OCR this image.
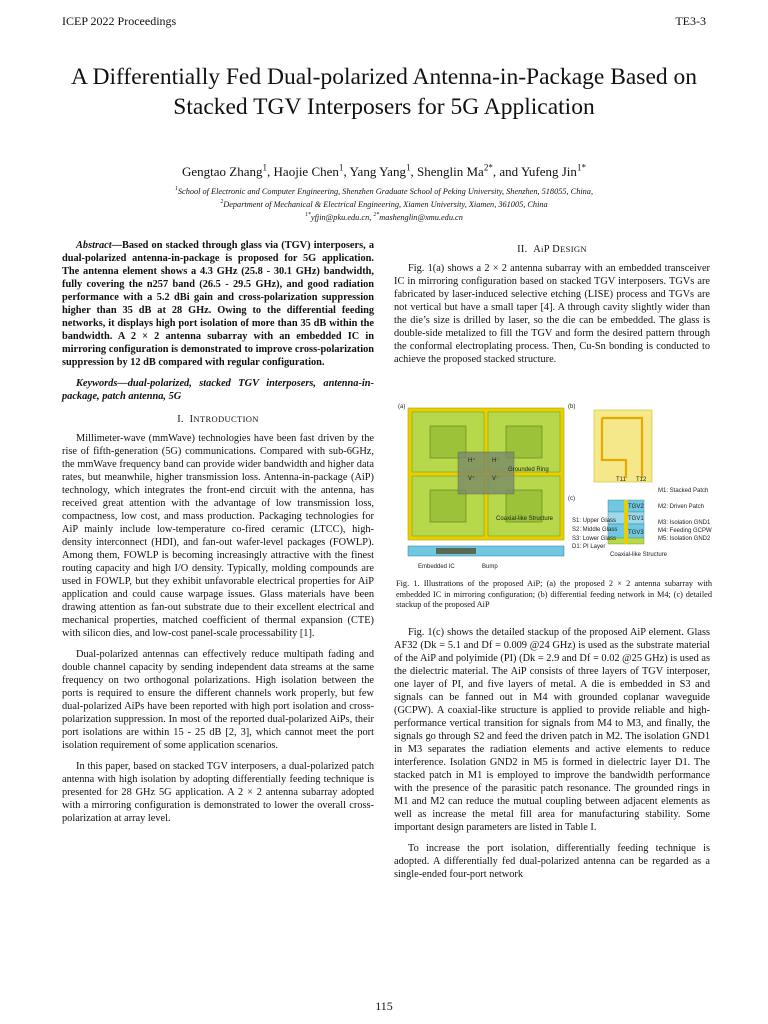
ICEP 2022 Proceedings	TE3-3
A Differentially Fed Dual-polarized Antenna-in-Package Based on Stacked TGV Interposers for 5G Application
Gengtao Zhang$^1$, Haojie Chen$^1$, Yang Yang$^1$, Shenglin $Ma^{2*}$, and Yufeng Jin$^{1*}$
$^1$School of Electronic and Computer Engineering, Shenzhen Graduate School of Peking University, Shenzhen, 518055, China,
$^2$Department of Mechanical & Electrical Engineering, Xiamen University, Xiamen, 361005, China
$^{1*}$yfjin@pku.edu.cn, $^{2*}$mashenglin@xmu.edu.cn

Abstract—Based on stacked through glass via (TGV) interposers, a dual-polarized antenna-in-package is proposed for 5G application. The antenna element shows a 4.3 GHz (25.8 - 30.1 GHz) bandwidth, fully covering the n257 band (26.5 - 29.5 GHz), and good radiation performance with a 5.2 dBi gain and cross-polarization suppression higher than 35 dB at 28 GHz. Owing to the differential feeding networks, it displays high port isolation of more than 35 dB within the bandwidth. A 2 × 2 antenna subarray with an embedded IC in mirroring configuration is demonstrated to improve cross-polarization suppression by 12 dB compared with regular configuration.

Keywords—dual-polarized, stacked TGV interposers, antenna-in-package, patch antenna, 5G

I. INTRODUCTION

Millimeter-wave (mmWave) technologies have been fast driven by the rise of fifth-generation (5G) communications. Compared with sub-6GHz, the mmWave frequency band can provide wider bandwidth and higher data rates, but meanwhile, higher transmission loss. Antenna-in-package (AiP) technology, which integrates the front-end circuit with the antenna, has received great attention with the advantage of low transmission loss, compactness, low cost, and mass production. Packaging technologies for AiP mainly include low-temperature co-fired ceramic (LTCC), high-density interconnect (HDI), and fan-out wafer-level packages (FOWLP). Among them, FOWLP is becoming increasingly attractive with the finest routing capacity and high I/O density. Typically, molding compounds are used in FOWLP, but they exhibit unfavorable electrical properties for AiP application and could cause warpage issues. Glass materials have been drawing attention as fan-out substrate due to their excellent electrical and mechanical properties, matched coefficient of thermal expansion (CTE) with silicon dies, and low-cost panel-scale processability [1].

Dual-polarized antennas can effectively reduce multipath fading and double channel capacity by sending independent data streams at the same frequency on two orthogonal polarizations. High isolation between the ports is required to ensure the different channels work properly, but few dual-polarized AiPs have been reported with high port isolation and cross-polarization suppression. In most of the reported dual-polarized AiPs, their port isolations are within 15 - 25 dB [2, 3], which cannot meet the port isolation requirement of some application scenarios.

In this paper, based on stacked TGV interposers, a dual-polarized patch antenna with high isolation by adopting differentially feeding technique is presented for 28 GHz 5G application. A 2 × 2 antenna subarray adopted with a mirroring configuration is demonstrated to lower the overall cross-polarization at array level.

II. AiP DESIGN

Fig. 1(a) shows a 2 × 2 antenna subarray with an embedded transceiver IC in mirroring configuration based on stacked TGV interposers. TGVs are fabricated by laser-induced selective etching (LISE) process and TGVs are not vertical but have a small taper [4]. A through cavity slightly wider than the die’s size is drilled by laser, so the die can be embedded. The glass is double-side metalized to fill the TGV and form the desired pattern through the conformal electroplating process. Then, Cu-Sn bonding is conducted to achieve the proposed stacked structure.

(a)
H⁺	H⁻
V⁺	V⁻
Grounded Ring
Coaxial-like Structure
Embedded IC	Bump
(b)
T11 T12
(c)
S1: Upper Glass
S2: Middle Glass
S3: Lower Glass
D1: PI Layer
TGV2
TGV1
TGV3
M1: Stacked Patch
M2: Driven Patch
M3: Isolation GND1
M4: Feeding GCPW
M5: Isolation GND2
Coaxial-like Structure
Fig. 1. Illustrations of the proposed AiP; (a) the proposed 2 × 2 antenna subarray with embedded IC in mirroring configuration; (b) differential feeding network in M4; (c) detailed stackup of the proposed AiP

Fig. 1(c) shows the detailed stackup of the proposed AiP element. Glass AF32 (Dk = 5.1 and Df = 0.009 @24 GHz) is used as the substrate material of the AiP and polyimide (PI) (Dk = 2.9 and Df = 0.02 @25 GHz) is used as the dielectric material. The AiP consists of three layers of TGV interposer, one layer of PI, and five layers of metal. A die is embedded in S3 and signals can be fanned out in M4 with grounded coplanar waveguide (GCPW). A coaxial-like structure is applied to provide reliable and high-performance vertical transition for signals from M4 to M3, and finally, the signals go through S2 and feed the driven patch in M2. The isolation GND1 in M3 separates the radiation elements and active elements to reduce interference. Isolation GND2 in M5 is formed in dielectric layer D1. The stacked patch in M1 is employed to improve the bandwidth performance with the presence of the parasitic patch resonance. The grounded rings in M1 and M2 can reduce the mutual coupling between adjacent elements as well as increase the metal fill area for manufacturing stability. Some important design parameters are listed in Table I.

To increase the port isolation, differentially feeding technique is adopted. A differentially fed dual-polarized antenna can be regarded as a single-ended four-port network

115
